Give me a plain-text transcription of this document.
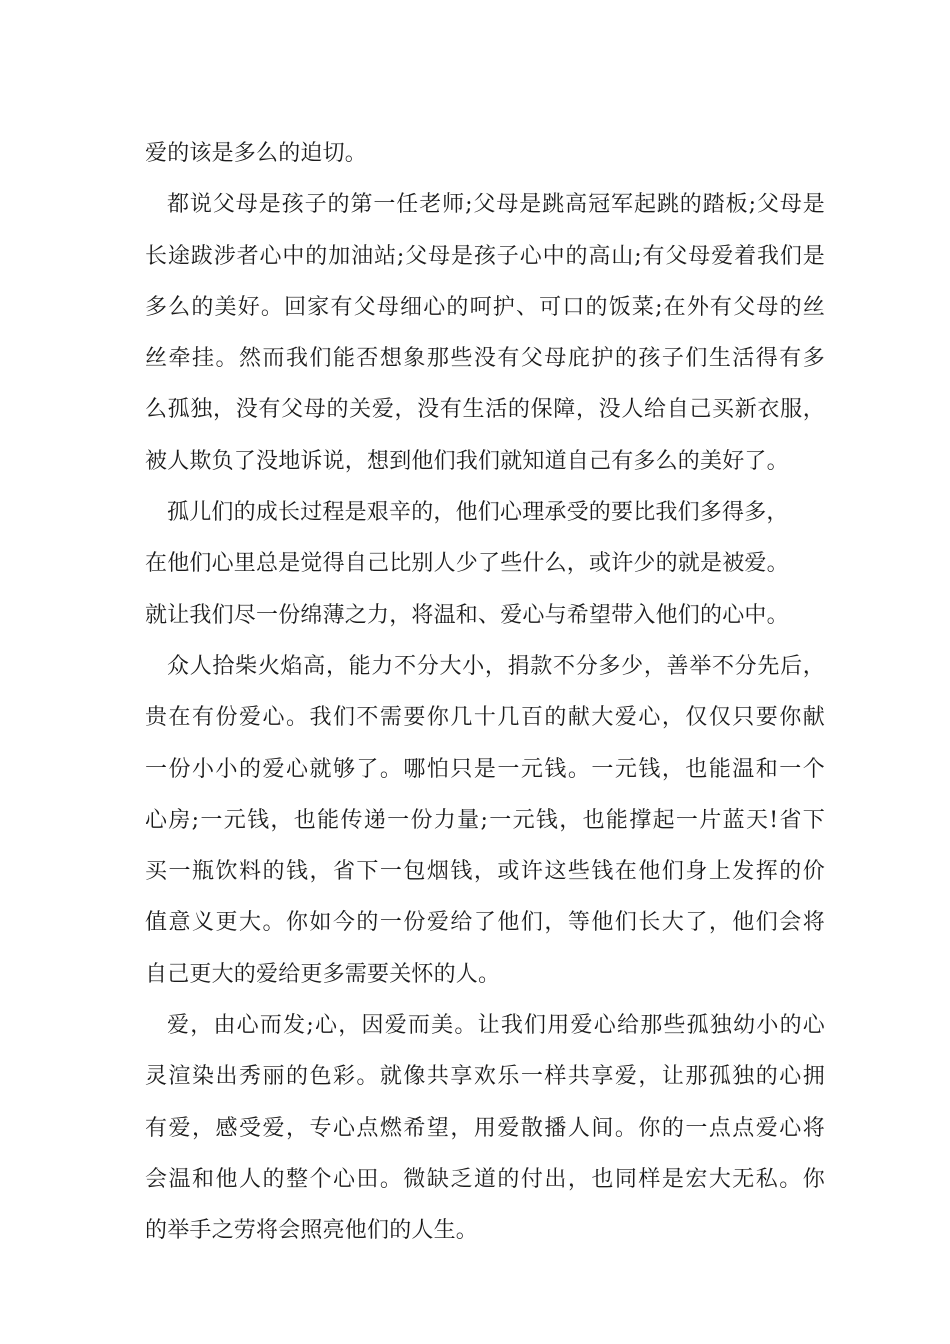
爱的该是多么的迫切。
都说父母是孩子的第一任老师;父母是跳高冠军起跳的踏板;父母是
长途跋涉者心中的加油站;父母是孩子心中的高山;有父母爱着我们是
多么的美好。回家有父母细心的呵护、可口的饭菜;在外有父母的丝
丝牵挂。然而我们能否想象那些没有父母庇护的孩子们生活得有多
么孤独，没有父母的关爱，没有生活的保障，没人给自己买新衣服，
被人欺负了没地诉说，想到他们我们就知道自己有多么的美好了。
孤儿们的成长过程是艰辛的，他们心理承受的要比我们多得多，
在他们心里总是觉得自己比别人少了些什么，或许少的就是被爱。
就让我们尽一份绵薄之力，将温和、爱心与希望带入他们的心中。
众人拾柴火焰高，能力不分大小，捐款不分多少，善举不分先后，
贵在有份爱心。我们不需要你几十几百的献大爱心，仅仅只要你献
一份小小的爱心就够了。哪怕只是一元钱。一元钱，也能温和一个
心房;一元钱，也能传递一份力量;一元钱，也能撑起一片蓝天!省下
买一瓶饮料的钱，省下一包烟钱，或许这些钱在他们身上发挥的价
值意义更大。你如今的一份爱给了他们，等他们长大了，他们会将
自己更大的爱给更多需要关怀的人。
爱，由心而发;心，因爱而美。让我们用爱心给那些孤独幼小的心
灵渲染出秀丽的色彩。就像共享欢乐一样共享爱，让那孤独的心拥
有爱，感受爱，专心点燃希望，用爱散播人间。你的一点点爱心将
会温和他人的整个心田。微缺乏道的付出，也同样是宏大无私。你
的举手之劳将会照亮他们的人生。
